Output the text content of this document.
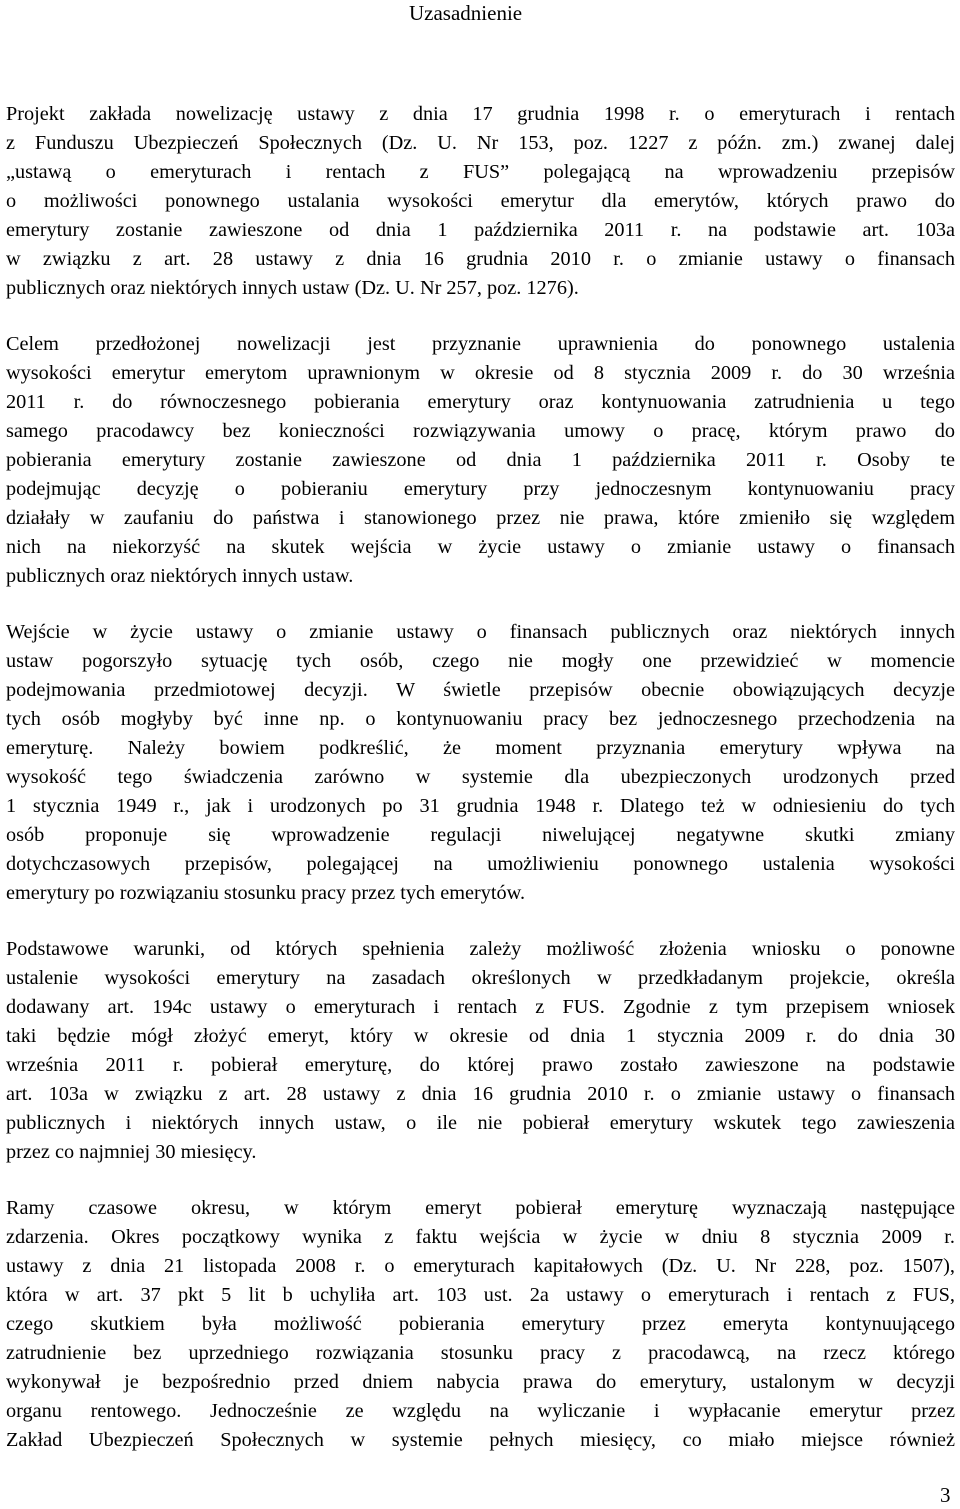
Uzasadnienie

Projekt zakłada nowelizację ustawy z dnia 17 grudnia 1998 r. o emeryturach i rentach
z Funduszu Ubezpieczeń Społecznych (Dz. U. Nr 153, poz. 1227 z późn. zm.) zwanej dalej
„ustawą o emeryturach i rentach z FUS” polegającą na wprowadzeniu przepisów
o możliwości ponownego ustalania wysokości emerytur dla emerytów, których prawo do
emerytury zostanie zawieszone od dnia 1 października 2011 r. na podstawie art. 103a
w związku z art. 28 ustawy z dnia 16 grudnia 2010 r. o zmianie ustawy o finansach
publicznych oraz niektórych innych ustaw (Dz. U. Nr 257, poz. 1276).

Celem przedłożonej nowelizacji jest przyznanie uprawnienia do ponownego ustalenia
wysokości emerytur emerytom uprawnionym w okresie od 8 stycznia 2009 r. do 30 września
2011 r. do równoczesnego pobierania emerytury oraz kontynuowania zatrudnienia u tego
samego pracodawcy bez konieczności rozwiązywania umowy o pracę, którym prawo do
pobierania emerytury zostanie zawieszone od dnia 1 października 2011 r. Osoby te
podejmując decyzję o pobieraniu emerytury przy jednoczesnym kontynuowaniu pracy
działały w zaufaniu do państwa i stanowionego przez nie prawa, które zmieniło się względem
nich na niekorzyść na skutek wejścia w życie ustawy o zmianie ustawy o finansach
publicznych oraz niektórych innych ustaw.

Wejście w życie ustawy o zmianie ustawy o finansach publicznych oraz niektórych innych
ustaw pogorszyło sytuację tych osób, czego nie mogły one przewidzieć w momencie
podejmowania przedmiotowej decyzji. W świetle przepisów obecnie obowiązujących decyzje
tych osób mogłyby być inne np. o kontynuowaniu pracy bez jednoczesnego przechodzenia na
emeryturę. Należy bowiem podkreślić, że moment przyznania emerytury wpływa na
wysokość tego świadczenia zarówno w systemie dla ubezpieczonych urodzonych przed
1 stycznia 1949 r., jak i urodzonych po 31 grudnia 1948 r. Dlatego też w odniesieniu do tych
osób proponuje się wprowadzenie regulacji niwelującej negatywne skutki zmiany
dotychczasowych przepisów, polegającej na umożliwieniu ponownego ustalenia wysokości
emerytury po rozwiązaniu stosunku pracy przez tych emerytów.

Podstawowe warunki, od których spełnienia zależy możliwość złożenia wniosku o ponowne
ustalenie wysokości emerytury na zasadach określonych w przedkładanym projekcie, określa
dodawany art. 194c ustawy o emeryturach i rentach z FUS. Zgodnie z tym przepisem wniosek
taki będzie mógł złożyć emeryt, który w okresie od dnia 1 stycznia 2009 r. do dnia 30
września 2011 r. pobierał emeryturę, do której prawo zostało zawieszone na podstawie
art. 103a w związku z art. 28 ustawy z dnia 16 grudnia 2010 r. o zmianie ustawy o finansach
publicznych i niektórych innych ustaw, o ile nie pobierał emerytury wskutek tego zawieszenia
przez co najmniej 30 miesięcy.

Ramy czasowe okresu, w którym emeryt pobierał emeryturę wyznaczają następujące
zdarzenia. Okres początkowy wynika z faktu wejścia w życie w dniu 8 stycznia 2009 r.
ustawy z dnia 21 listopada 2008 r. o emeryturach kapitałowych (Dz. U. Nr 228, poz. 1507),
która w art. 37 pkt 5 lit b uchyliła art. 103 ust. 2a ustawy o emeryturach i rentach z FUS,
czego skutkiem była możliwość pobierania emerytury przez emeryta kontynuującego
zatrudnienie bez uprzedniego rozwiązania stosunku pracy z pracodawcą, na rzecz którego
wykonywał je bezpośrednio przed dniem nabycia prawa do emerytury, ustalonym w decyzji
organu rentowego. Jednocześnie ze względu na wyliczanie i wypłacanie emerytur przez
Zakład Ubezpieczeń Społecznych w systemie pełnych miesięcy, co miało miejsce również

3
